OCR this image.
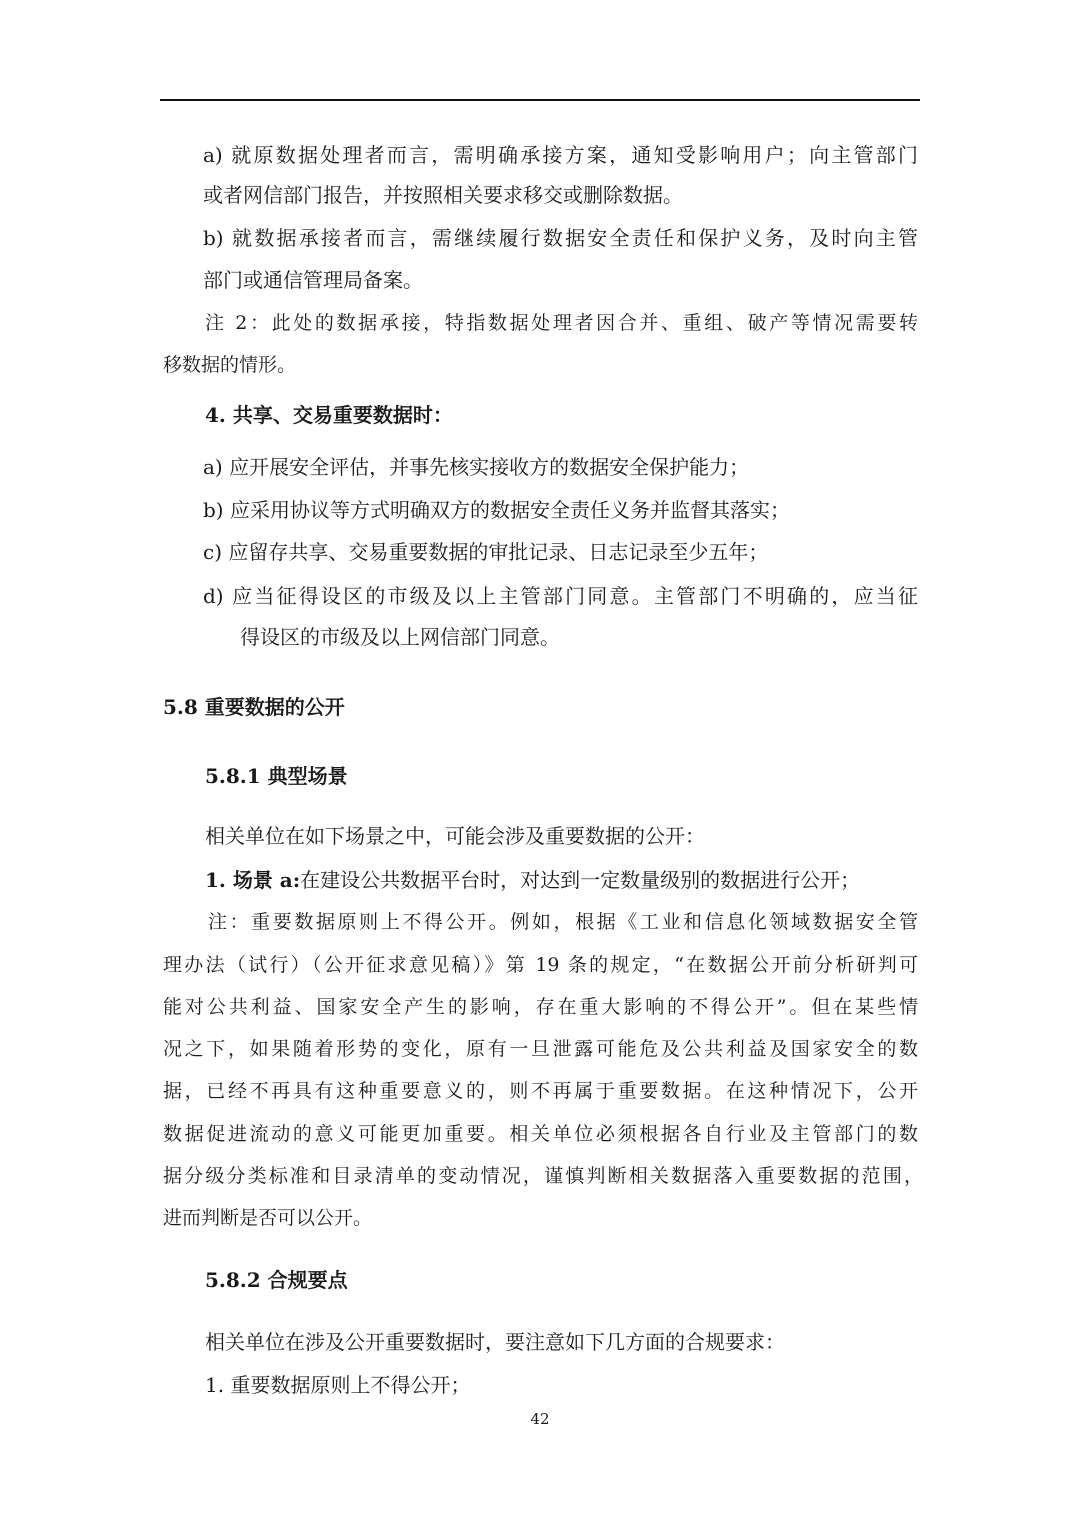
a) 就原数据处理者而言，需明确承接方案，通知受影响用户；向主管部门
或者网信部门报告，并按照相关要求移交或删除数据。
b) 就数据承接者而言，需继续履行数据安全责任和保护义务，及时向主管
部门或通信管理局备案。
注 2：此处的数据承接，特指数据处理者因合并、重组、破产等情况需要转
移数据的情形。
4. 共享、交易重要数据时：
a) 应开展安全评估，并事先核实接收方的数据安全保护能力；
b) 应采用协议等方式明确双方的数据安全责任义务并监督其落实；
c) 应留存共享、交易重要数据的审批记录、日志记录至少五年；
d) 应当征得设区的市级及以上主管部门同意。主管部门不明确的，应当征
得设区的市级及以上网信部门同意。
5.8 重要数据的公开
5.8.1 典型场景
相关单位在如下场景之中，可能会涉及重要数据的公开：
1. 场景 a:在建设公共数据平台时，对达到一定数量级别的数据进行公开；
注：重要数据原则上不得公开。例如，根据《工业和信息化领域数据安全管
理办法（试行）（公开征求意见稿）》第 19 条的规定，“在数据公开前分析研判可
能对公共利益、国家安全产生的影响，存在重大影响的不得公开”。但在某些情
况之下，如果随着形势的变化，原有一旦泄露可能危及公共利益及国家安全的数
据，已经不再具有这种重要意义的，则不再属于重要数据。在这种情况下，公开
数据促进流动的意义可能更加重要。相关单位必须根据各自行业及主管部门的数
据分级分类标准和目录清单的变动情况，谨慎判断相关数据落入重要数据的范围，
进而判断是否可以公开。
5.8.2 合规要点
相关单位在涉及公开重要数据时，要注意如下几方面的合规要求：
1. 重要数据原则上不得公开；
42
